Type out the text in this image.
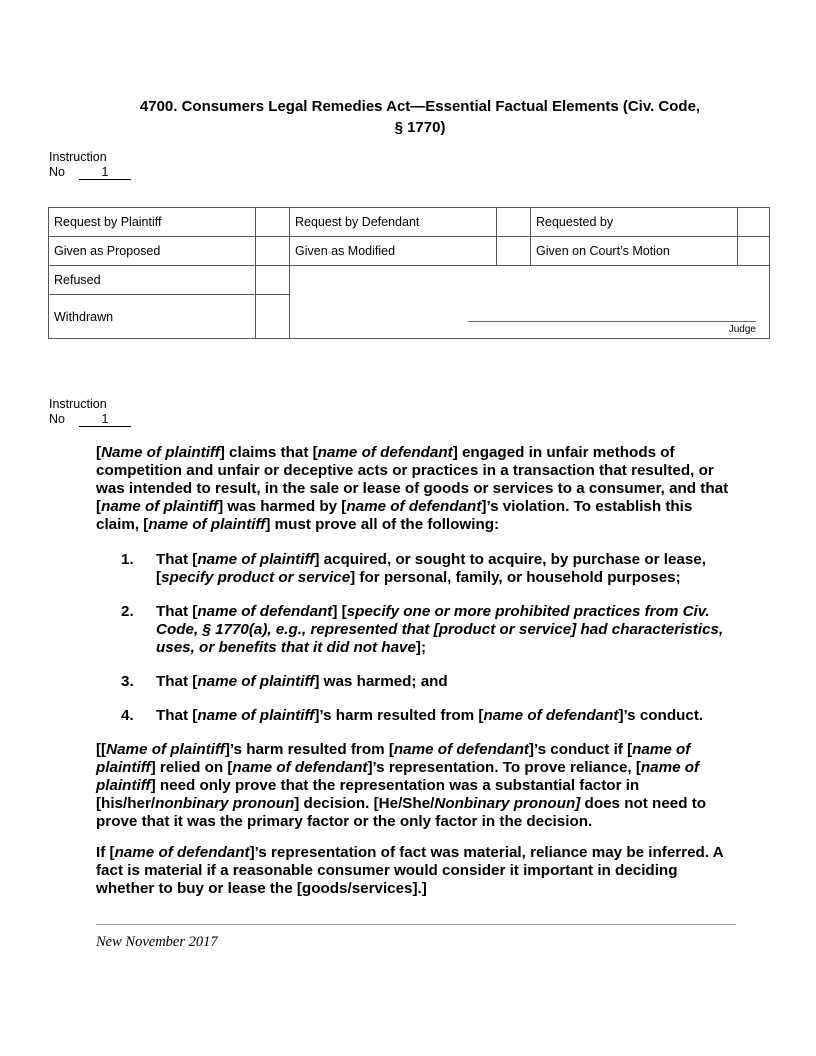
4700. Consumers Legal Remedies Act—Essential Factual Elements (Civ. Code,
§ 1770)
Instruction
No	1
Request by Plaintiff		Request by Defendant		Requested by	
Given as Proposed		Given as Modified		Given on Court’s Motion	
Refused		Judge			

Withdrawn					
Instruction
No	1

[Name of plaintiff] claims that [name of defendant] engaged in unfair methods of competition and unfair or deceptive acts or practices in a transaction that resulted, or was intended to result, in the sale or lease of goods or services to a consumer, and that [name of plaintiff] was harmed by [name of defendant]’s violation. To establish this claim, [name of plaintiff] must prove all of the following:

1.	That [name of plaintiff] acquired, or sought to acquire, by purchase or lease, [specify product or service] for personal, family, or household purposes;
2.	That [name of defendant] [specify one or more prohibited practices from Civ. Code, § 1770(a), e.g., represented that [product or service] had characteristics, uses, or benefits that it did not have];
3.	That [name of plaintiff] was harmed; and
4.	That [name of plaintiff]’s harm resulted from [name of defendant]’s conduct.

[[Name of plaintiff]’s harm resulted from [name of defendant]’s conduct if [name of plaintiff] relied on [name of defendant]’s representation. To prove reliance, [name of plaintiff] need only prove that the representation was a substantial factor in [his/her/nonbinary pronoun] decision. [He/She/Nonbinary pronoun] does not need to prove that it was the primary factor or the only factor in the decision.

If [name of defendant]’s representation of fact was material, reliance may be inferred. A fact is material if a reasonable consumer would consider it important in deciding whether to buy or lease the [goods/services].]

New November 2017
